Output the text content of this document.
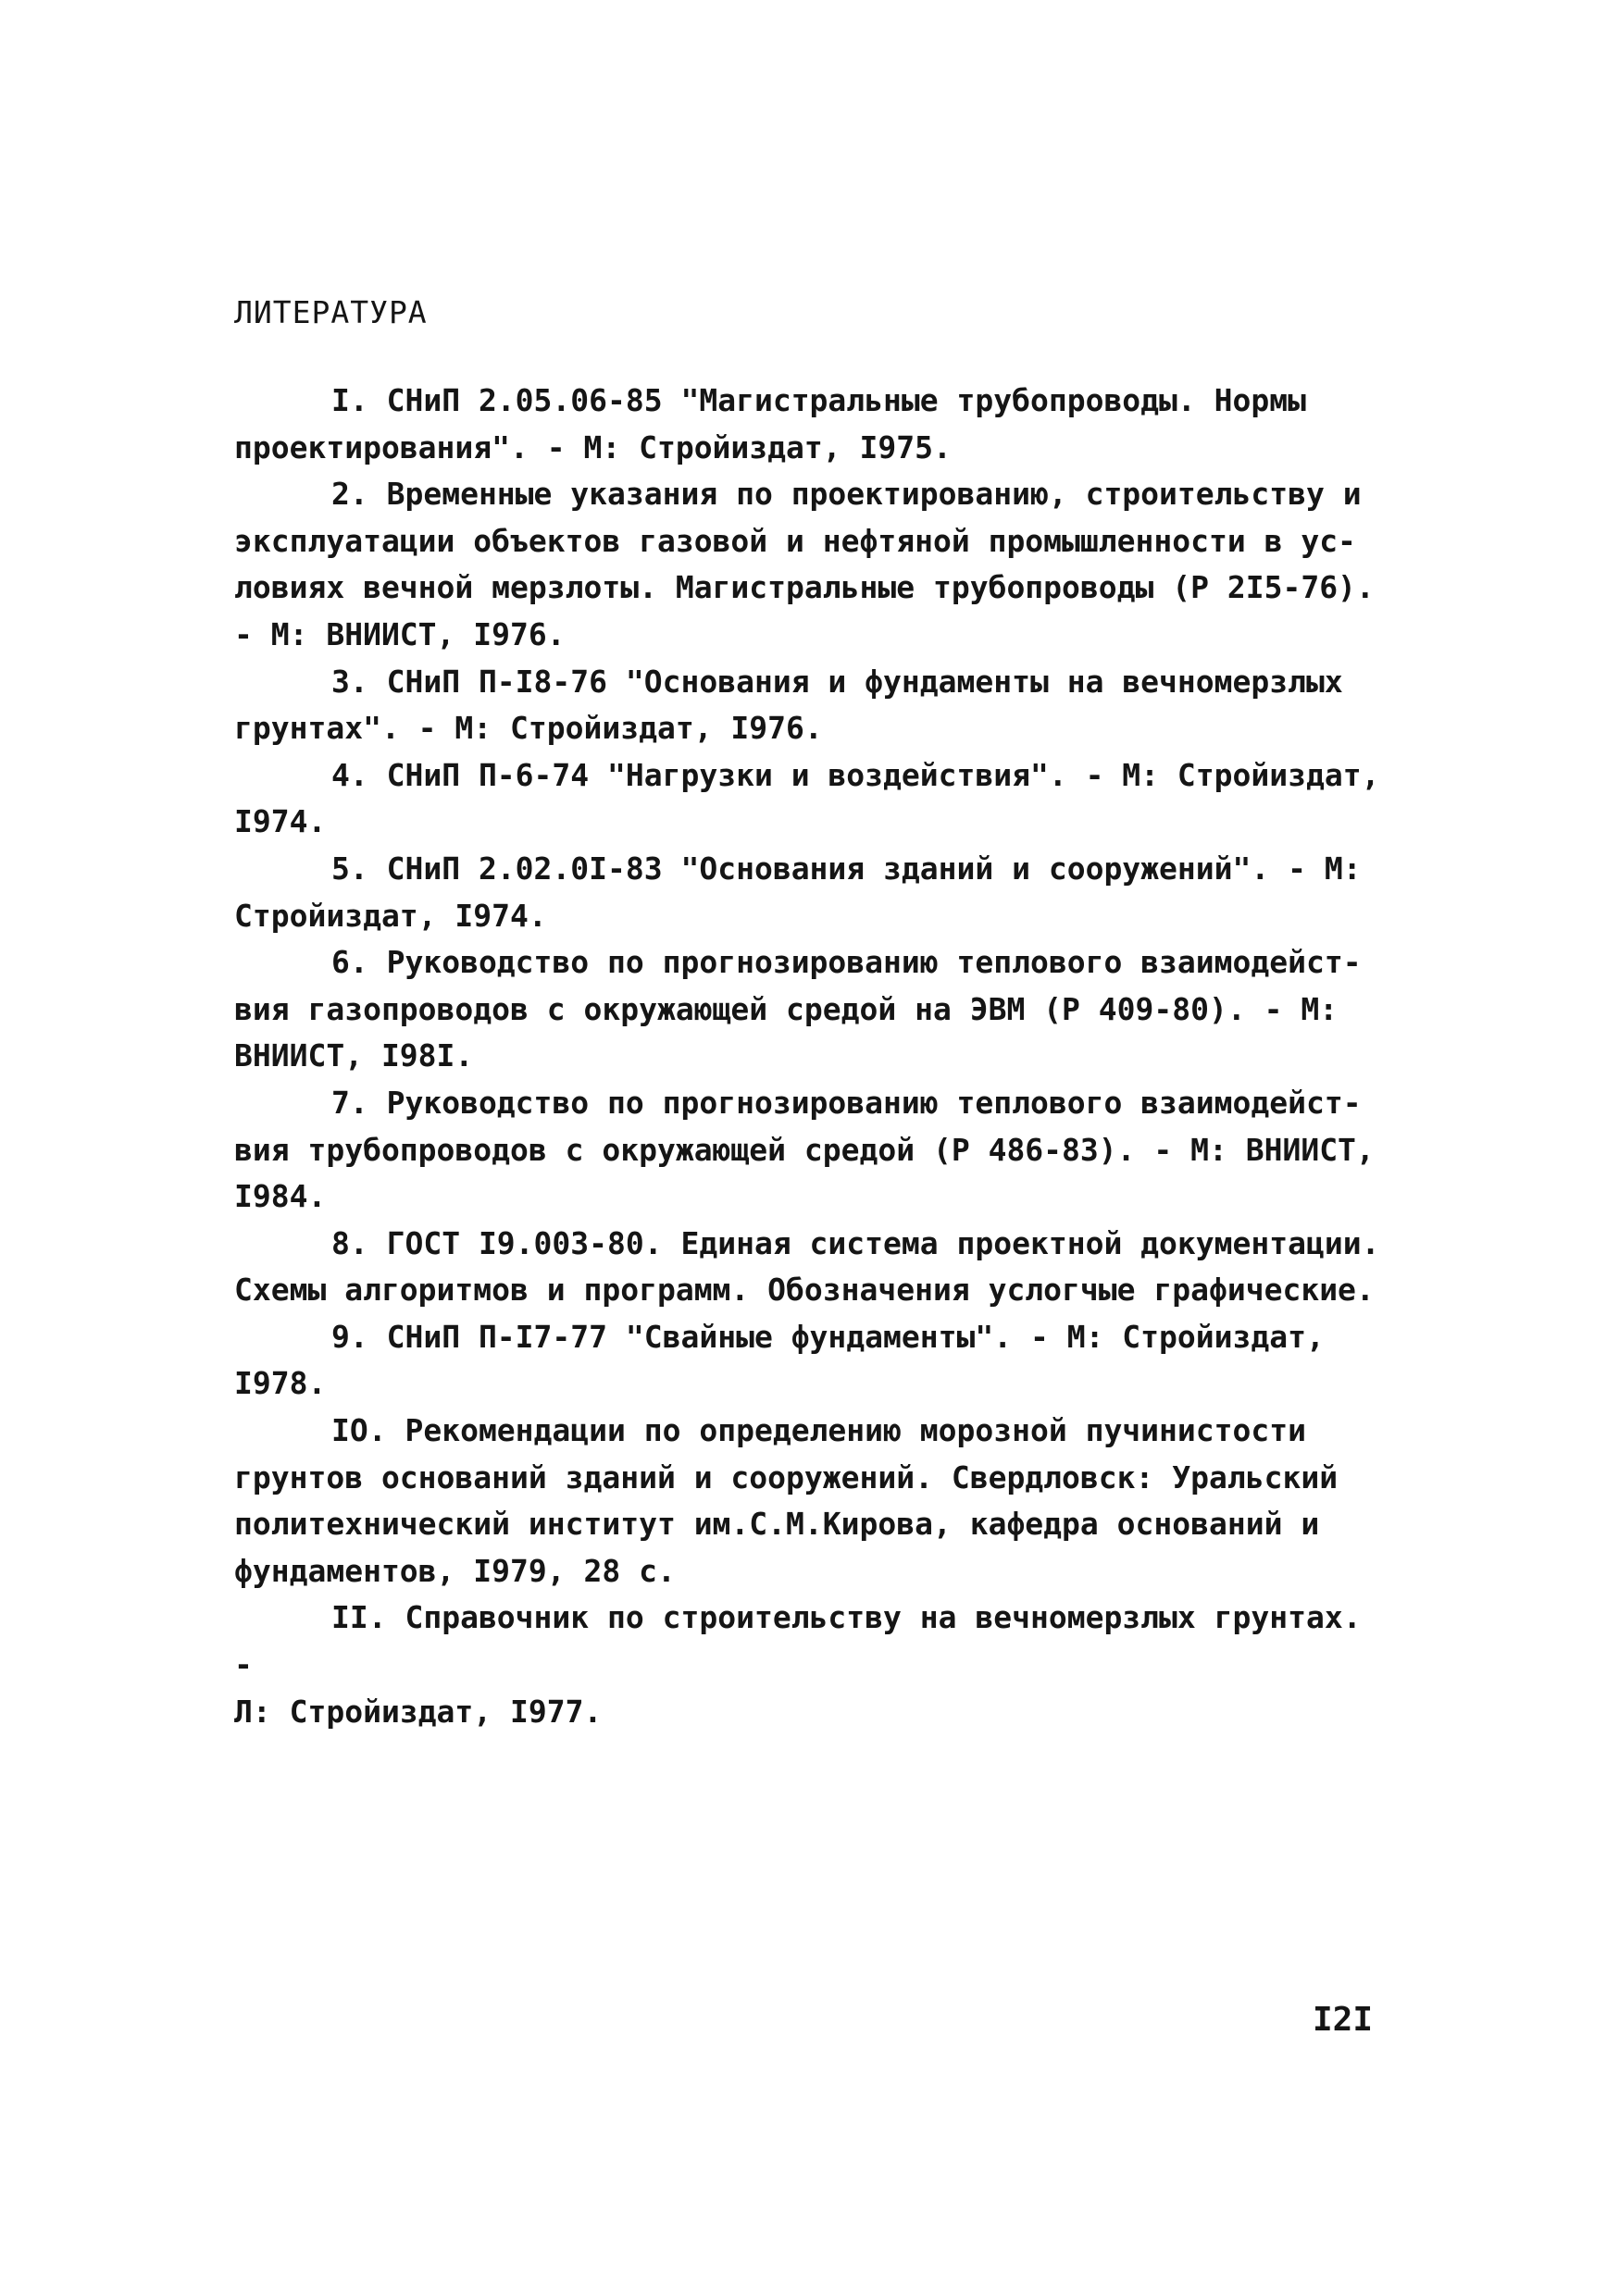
ЛИТЕРАТУРА
I. СНиП 2.05.06-85 "Магистральные трубопроводы. Нормы
проектирования". - М: Стройиздат, I975.
2. Временные указания по проектированию, строительству и
эксплуатации объектов газовой и нефтяной промышленности в ус-
ловиях вечной мерзлоты. Магистральные трубопроводы (Р 2I5-76).
- М: ВНИИСТ, I976.
3. СНиП П-I8-76 "Основания и фундаменты на вечномерзлых
грунтах". - М: Стройиздат, I976.
4. СНиП П-6-74 "Нагрузки и воздействия". - М: Стройиздат,
I974.
5. СНиП 2.02.0I-83 "Основания зданий и сооружений". - М:
Стройиздат, I974.
6. Руководство по прогнозированию теплового взаимодейст-
вия газопроводов с окружающей средой на ЭВМ (Р 409-80). - М:
ВНИИСТ, I98I.
7. Руководство по прогнозированию теплового взаимодейст-
вия трубопроводов с окружающей средой (Р 486-83). - М: ВНИИСТ,
I984.
8. ГОСТ I9.003-80. Единая система проектной документации.
Схемы алгоритмов и программ. Обозначения услогчые графические.
9. СНиП П-I7-77 "Свайные фундаменты". - М: Стройиздат,
I978.
IО. Рекомендации по определению морозной пучинистости
грунтов оснований зданий и сооружений. Свердловск: Уральский
политехнический институт им.С.М.Кирова, кафедра оснований и
фундаментов, I979, 28 с.
II. Справочник по строительству на вечномерзлых грунтах. -
Л: Стройиздат, I977.
I2I
